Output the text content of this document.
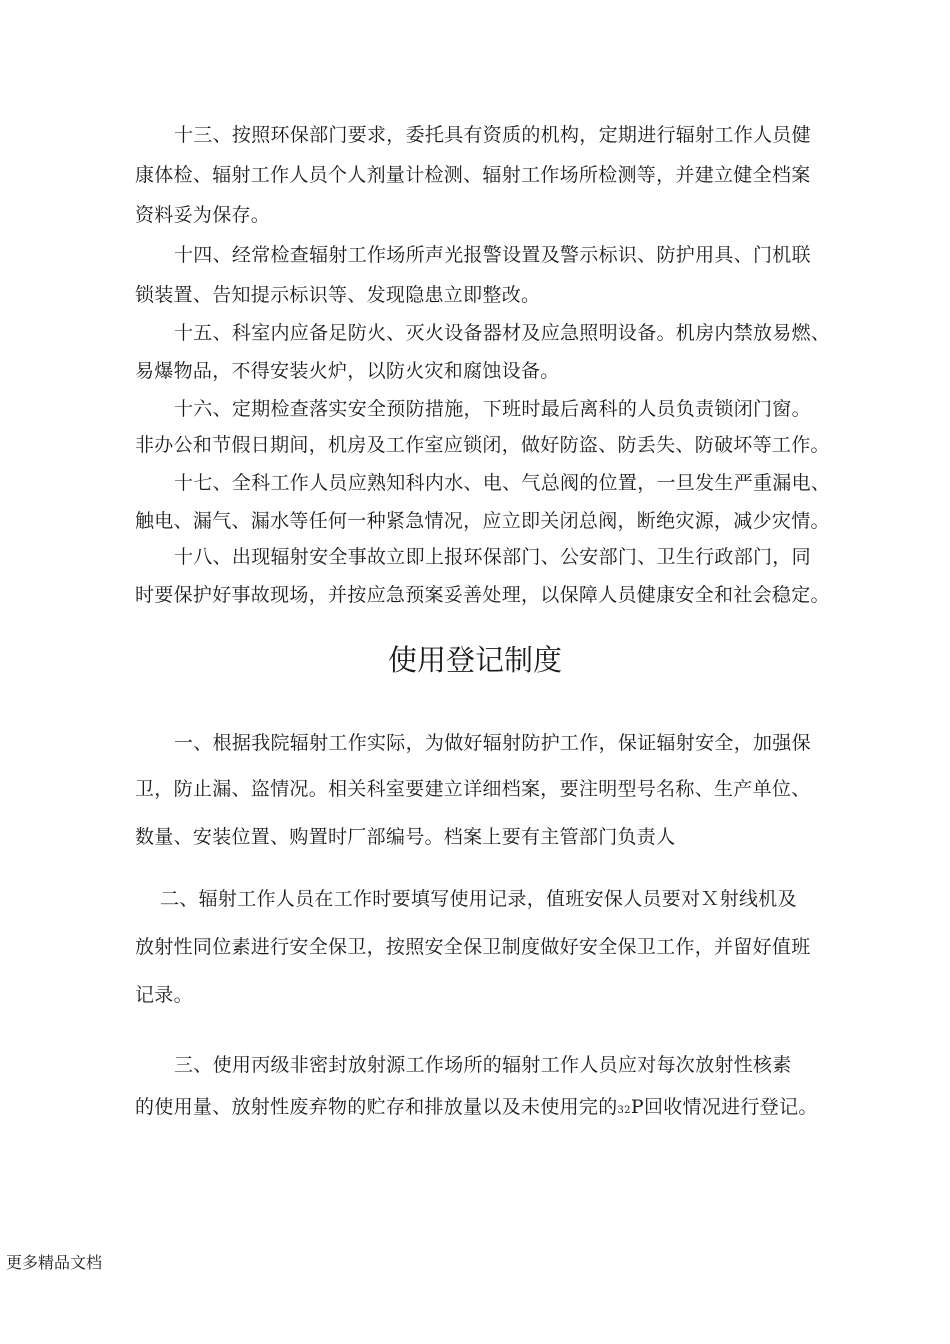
十三、按照环保部门要求，委托具有资质的机构，定期进行辐射工作人员健
康体检、辐射工作人员个人剂量计检测、辐射工作场所检测等，并建立健全档案
资料妥为保存。
十四、经常检查辐射工作场所声光报警设置及警示标识、防护用具、门机联
锁装置、告知提示标识等、发现隐患立即整改。
十五、科室内应备足防火、灭火设备器材及应急照明设备。机房内禁放易燃、
易爆物品，不得安装火炉，以防火灾和腐蚀设备。
十六、定期检查落实安全预防措施，下班时最后离科的人员负责锁闭门窗。
非办公和节假日期间，机房及工作室应锁闭，做好防盗、防丢失、防破坏等工作。
十七、全科工作人员应熟知科内水、电、气总阀的位置，一旦发生严重漏电、
触电、漏气、漏水等任何一种紧急情况，应立即关闭总阀，断绝灾源，减少灾情。
十八、出现辐射安全事故立即上报环保部门、公安部门、卫生行政部门，同
时要保护好事故现场，并按应急预案妥善处理，以保障人员健康安全和社会稳定。
使用登记制度
一、根据我院辐射工作实际，为做好辐射防护工作，保证辐射安全，加强保
卫，防止漏、盗情况。相关科室要建立详细档案，要注明型号名称、生产单位、
数量、安装位置、购置时厂部编号。档案上要有主管部门负责人
二、辐射工作人员在工作时要填写使用记录，值班安保人员要对Ｘ射线机及
放射性同位素进行安全保卫，按照安全保卫制度做好安全保卫工作，并留好值班
记录。
三、使用丙级非密封放射源工作场所的辐射工作人员应对每次放射性核素
的使用量、放射性废弃物的贮存和排放量以及未使用完的32P回收情况进行登记。
更多精品文档
